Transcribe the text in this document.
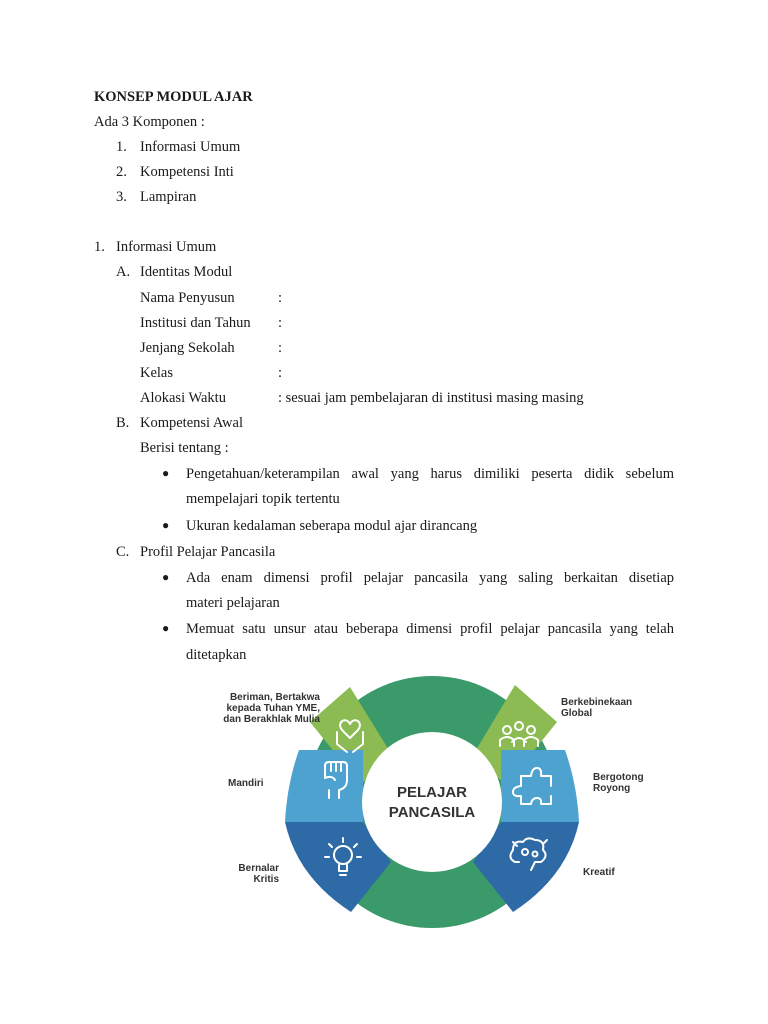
KONSEP MODUL AJAR
Ada 3 Komponen :
1. Informasi Umum
2. Kompetensi Inti
3. Lampiran
1. Informasi Umum
A. Identitas Modul
Nama Penyusun	:
Institusi dan Tahun :
Jenjang Sekolah	:
Kelas	:
Alokasi Waktu	: sesuai jam pembelajaran di institusi masing masing
B. Kompetensi Awal
Berisi tentang :
● Pengetahuan/keterampilan awal yang harus dimiliki peserta didik sebelum
mempelajari topik tertentu
● Ukuran kedalaman seberapa modul ajar dirancang
C. Profil Pelajar Pancasila
● Ada enam dimensi profil pelajar pancasila yang saling berkaitan disetiap
materi pelajaran
● Memuat satu unsur atau beberapa dimensi profil pelajar pancasila yang telah
ditetapkan
PELAJAR
PANCASILA
Beriman, Bertakwa
kepada Tuhan YME,
dan Berakhlak Mulia
Berkebinekaan
Global
Mandiri
Bergotong
Royong
Bernalar
Kritis
Kreatif
